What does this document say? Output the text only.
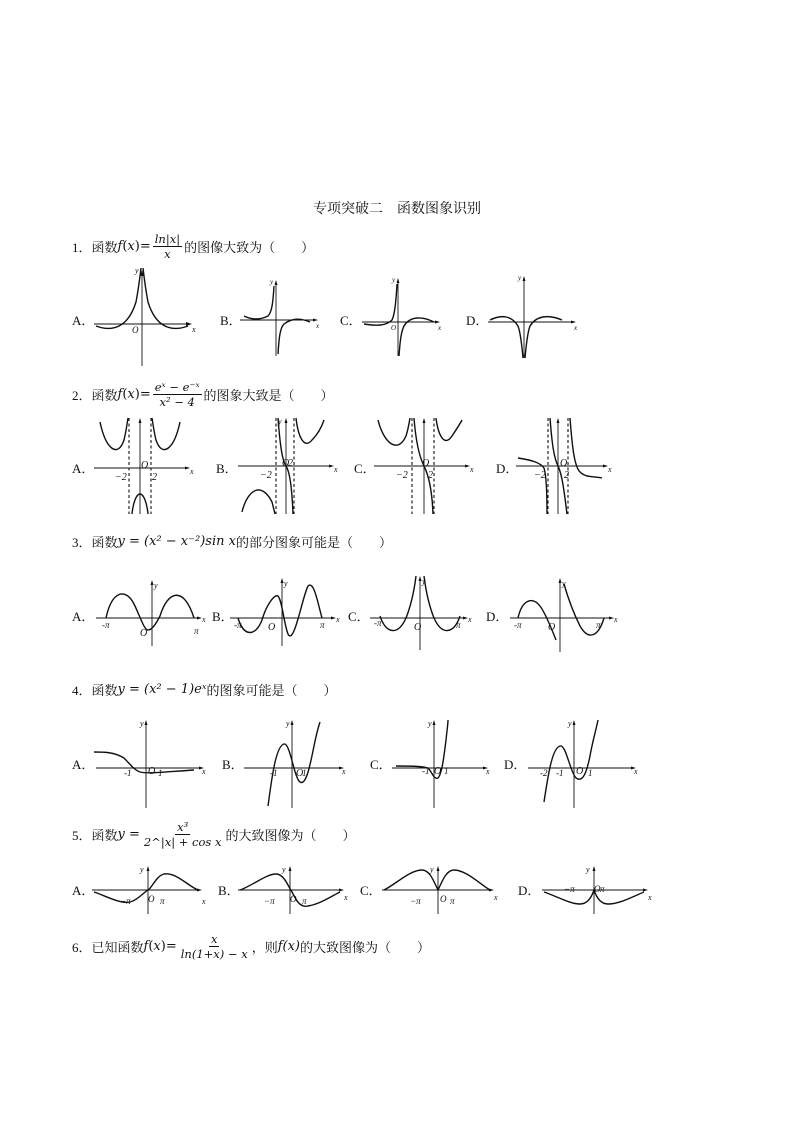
专项突破二　函数图象识别
1． 函数 f ( x ) = $\frac{\ln|x|}{x}$ 的图像大致为（　　）
2． 函数 f ( x ) = $\frac{\text{eˣ − e⁻ˣ}}{\text{x² − 4}}$ 的图象大致是（　　）
3． 函数 y = (x² − x⁻²)sin x 的部分图象可能是（　　）
4． 函数 y = (x² − 1)eˣ 的图象可能是（　　）
5． 函数 $y = \frac{\text{x³}}{\text{2\textasciicircum{}|x| + cos x}}$ 的大致图像为（　　）
6． 已知函数 f ( x ) = $\frac{x}{\ln(1+x) - x}$ ，则 f(x) 的大致图像为（　　）
A．
y
x
O
B．
y
x C．
y
x
O	D．
y
x
A．	x
O
−2	2
B．
y
x
O
−2
2	C．	x
O
−2 2	D．	x
O
−2 2
A．
y
x
O
-π
π
B．
y
x
O
-π	π
C．
y
x
O
-π	π
D．
y
x
O
-π	π
A．
y
x
O
-1	1
B．
y
x
O
-1	1
C．
y
x
O
-1 1	D．
y
x
O
-2 -1	1
A．
y
x
O
−π	π
B．
y
x
O
−π	π
C．
y
x
O
−π	π
D．
y
x
O
−π	π
